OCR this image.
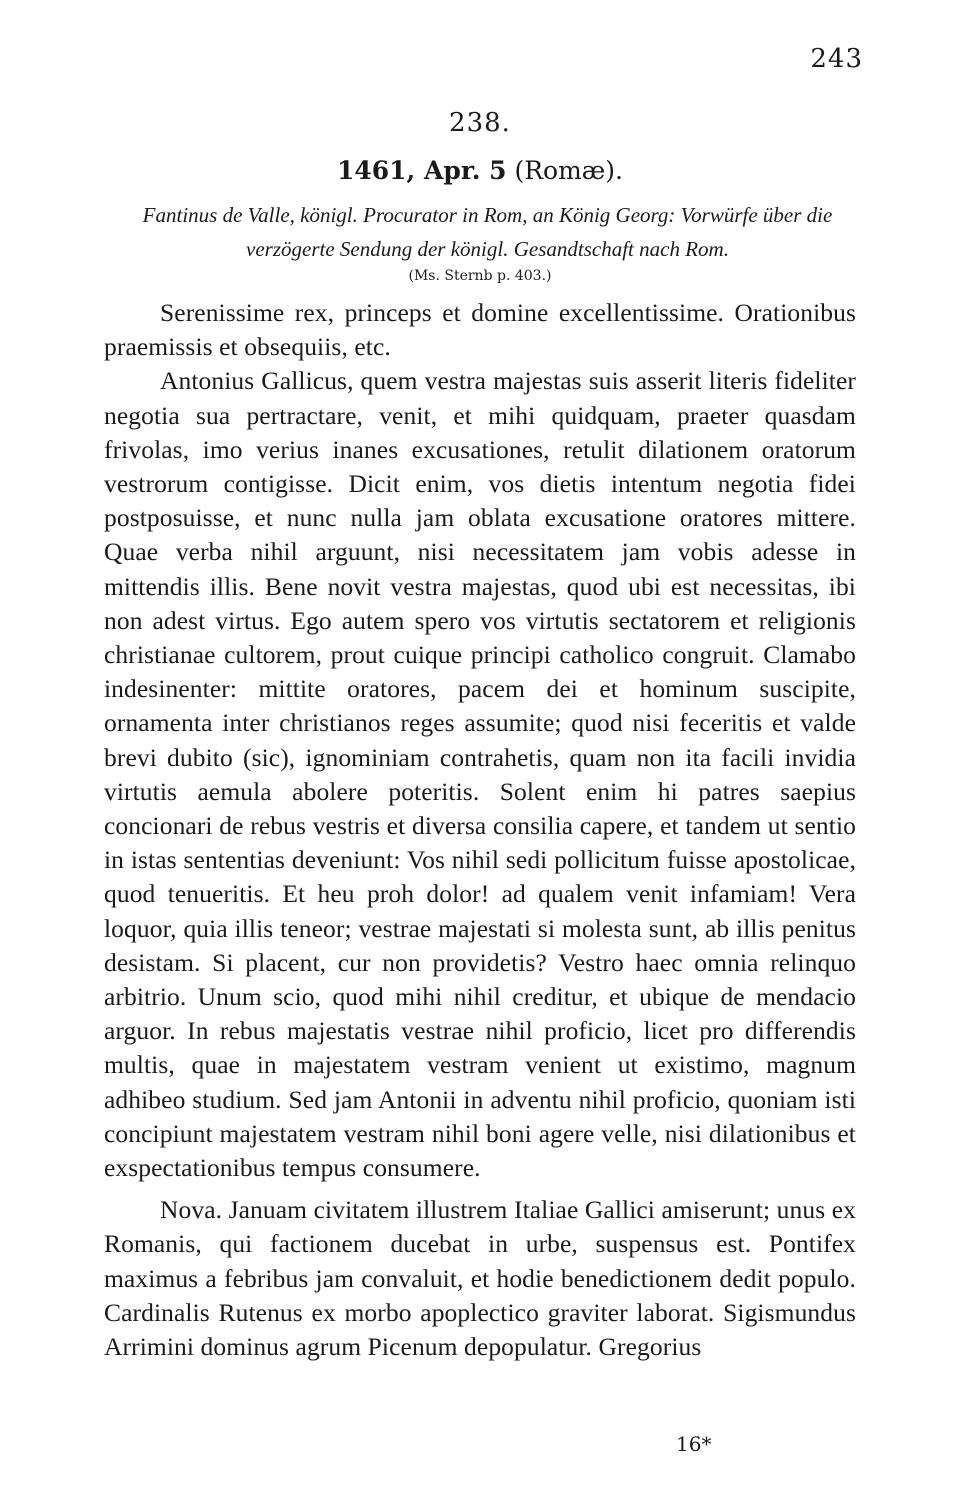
243
238.
1461, Apr. 5 (Romæ).
Fantinus de Valle, königl. Procurator in Rom, an König Georg: Vorwürfe über die verzögerte Sendung der königl. Gesandtschaft nach Rom.
(Ms. Sternb p. 403.)

Serenissime rex, princeps et domine excellentissime. Orationibus praemissis et obsequiis, etc.

Antonius Gallicus, quem vestra majestas suis asserit literis fideliter negotia sua pertractare, venit, et mihi quidquam, praeter quasdam frivolas, imo verius inanes excusationes, retulit dilationem oratorum vestrorum contigisse. Dicit enim, vos dietis intentum negotia fidei postposuisse, et nunc nulla jam oblata excusatione oratores mittere. Quae verba nihil arguunt, nisi necessitatem jam vobis adesse in mittendis illis. Bene novit vestra majestas, quod ubi est necessitas, ibi non adest virtus. Ego autem spero vos virtutis sectatorem et religionis christianae cultorem, prout cuique principi catholico congruit. Clamabo indesinenter: mittite oratores, pacem dei et hominum suscipite, ornamenta inter christianos reges assumite; quod nisi feceritis et valde brevi dubito (sic), ignominiam contrahetis, quam non ita facili invidia virtutis aemula abolere poteritis. Solent enim hi patres saepius concionari de rebus vestris et diversa consilia capere, et tandem ut sentio in istas sententias deveniunt: Vos nihil sedi pollicitum fuisse apostolicae, quod tenueritis. Et heu proh dolor! ad qualem venit infamiam! Vera loquor, quia illis teneor; vestrae majestati si molesta sunt, ab illis penitus desistam. Si placent, cur non providetis? Vestro haec omnia relinquo arbitrio. Unum scio, quod mihi nihil creditur, et ubique de mendacio arguor. In rebus majestatis vestrae nihil proficio, licet pro differendis multis, quae in majestatem vestram venient ut existimo, magnum adhibeo studium. Sed jam Antonii in adventu nihil proficio, quoniam isti concipiunt majestatem vestram nihil boni agere velle, nisi dilationibus et exspectationibus tempus consumere.

Nova. Januam civitatem illustrem Italiae Gallici amiserunt; unus ex Romanis, qui factionem ducebat in urbe, suspensus est. Pontifex maximus a febribus jam convaluit, et hodie benedictionem dedit populo. Cardinalis Rutenus ex morbo apoplectico graviter laborat. Sigismundus Arrimini dominus agrum Picenum depopulatur. Gregorius

16*
